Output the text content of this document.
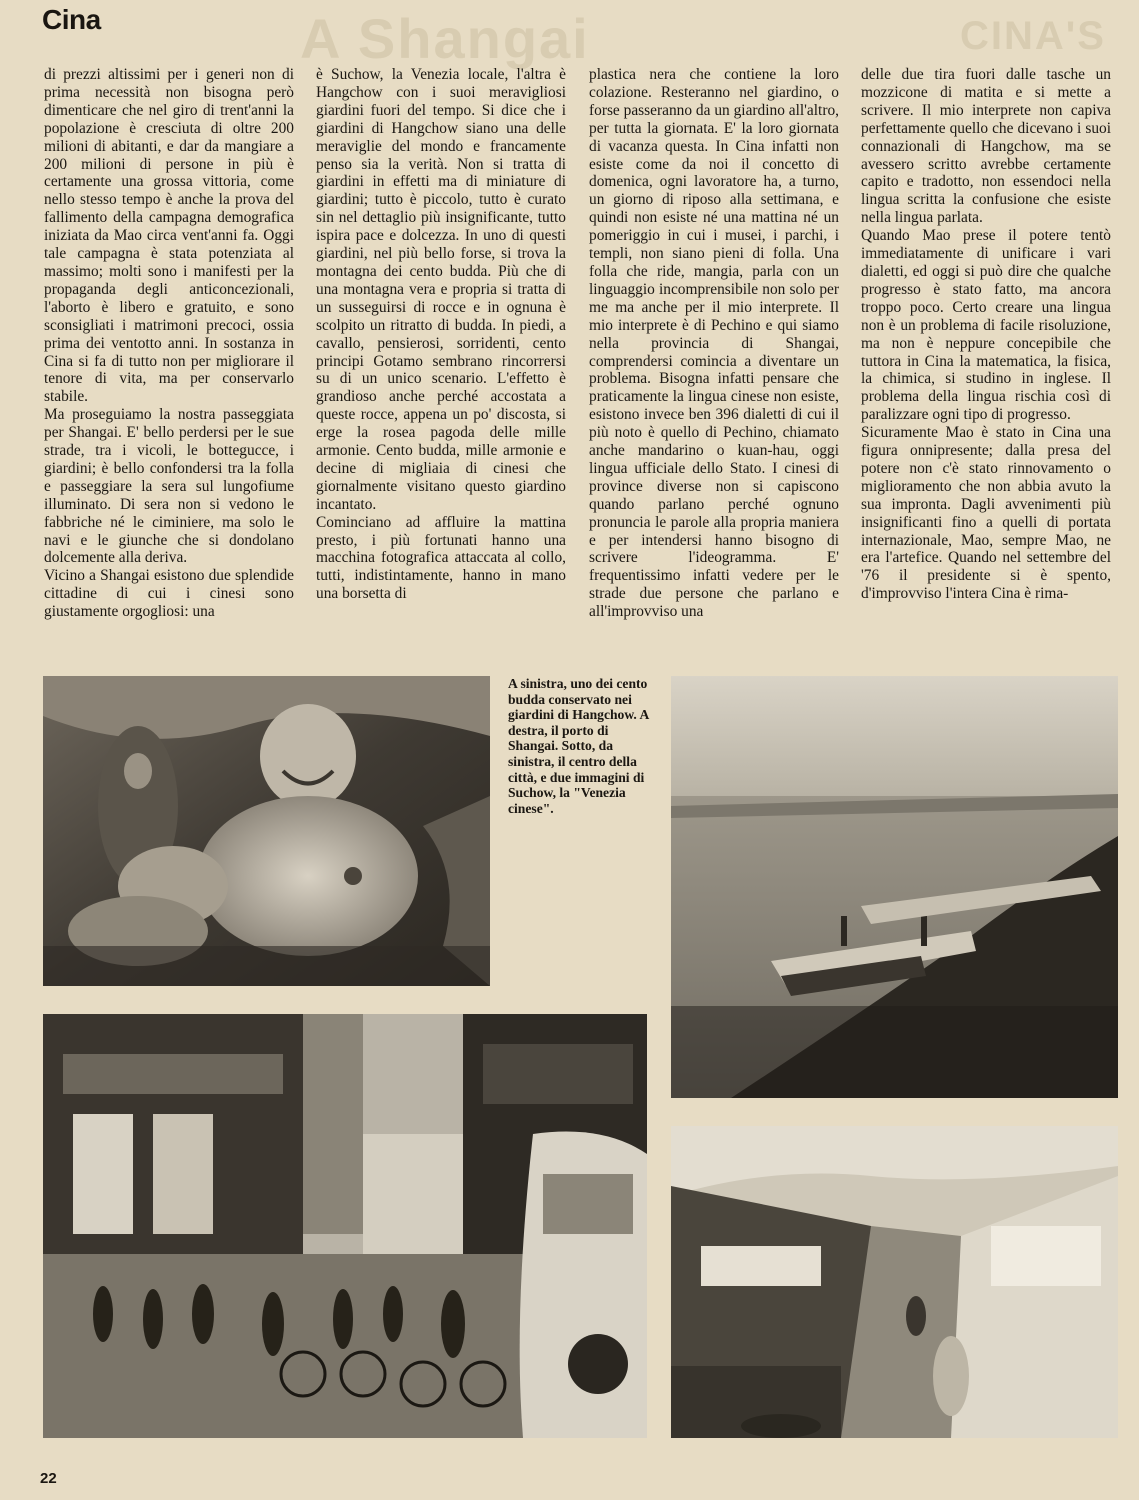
Cina	A Shangai	CINA'S

di prezzi altissimi per i generi non di prima necessità non bisogna però dimenticare che nel giro di trent'anni la popolazione è cresciuta di oltre 200 milioni di abitanti, e dar da mangiare a 200 milioni di persone in più è certamente una grossa vittoria, come nello stesso tempo è anche la prova del fallimento della campagna demografica iniziata da Mao circa vent'anni fa. Oggi tale campagna è stata potenziata al massimo; molti sono i manifesti per la propaganda degli anticoncezionali, l'aborto è libero e gratuito, e sono sconsigliati i matrimoni precoci, ossia prima dei ventotto anni. In sostanza in Cina si fa di tutto non per migliorare il tenore di vita, ma per conservarlo stabile.

Ma proseguiamo la nostra passeggiata per Shangai. E' bello perdersi per le sue strade, tra i vicoli, le bottegucce, i giardini; è bello confondersi tra la folla e passeggiare la sera sul lungofiume illuminato. Di sera non si vedono le fabbriche né le ciminiere, ma solo le navi e le giunche che si dondolano dolcemente alla deriva.

Vicino a Shangai esistono due splendide cittadine di cui i cinesi sono giustamente orgogliosi: una

è Suchow, la Venezia locale, l'altra è Hangchow con i suoi meravigliosi giardini fuori del tempo. Si dice che i giardini di Hangchow siano una delle meraviglie del mondo e francamente penso sia la verità. Non si tratta di giardini in effetti ma di miniature di giardini; tutto è piccolo, tutto è curato sin nel dettaglio più insignificante, tutto ispira pace e dolcezza. In uno di questi giardini, nel più bello forse, si trova la montagna dei cento budda. Più che di una montagna vera e propria si tratta di un susseguirsi di rocce e in ognuna è scolpito un ritratto di budda. In piedi, a cavallo, pensierosi, sorridenti, cento principi Gotamo sembrano rincorrersi su di un unico scenario. L'effetto è grandioso anche perché accostata a queste rocce, appena un po' discosta, si erge la rosea pagoda delle mille armonie. Cento budda, mille armonie e decine di migliaia di cinesi che giornalmente visitano questo giardino incantato.

Cominciano ad affluire la mattina presto, i più fortunati hanno una macchina fotografica attaccata al collo, tutti, indistintamente, hanno in mano una borsetta di

plastica nera che contiene la loro colazione. Resteranno nel giardino, o forse passeranno da un giardino all'altro, per tutta la giornata. E' la loro giornata di vacanza questa. In Cina infatti non esiste come da noi il concetto di domenica, ogni lavoratore ha, a turno, un giorno di riposo alla settimana, e quindi non esiste né una mattina né un pomeriggio in cui i musei, i parchi, i templi, non siano pieni di folla. Una folla che ride, mangia, parla con un linguaggio incomprensibile non solo per me ma anche per il mio interprete. Il mio interprete è di Pechino e qui siamo nella provincia di Shangai, comprendersi comincia a diventare un problema. Bisogna infatti pensare che praticamente la lingua cinese non esiste, esistono invece ben 396 dialetti di cui il più noto è quello di Pechino, chiamato anche mandarino o kuan-hau, oggi lingua ufficiale dello Stato. I cinesi di province diverse non si capiscono quando parlano perché ognuno pronuncia le parole alla propria maniera e per intendersi hanno bisogno di scrivere l'ideogramma. E' frequentissimo infatti vedere per le strade due persone che parlano e all'improvviso una

delle due tira fuori dalle tasche un mozzicone di matita e si mette a scrivere. Il mio interprete non capiva perfettamente quello che dicevano i suoi connazionali di Hangchow, ma se avessero scritto avrebbe certamente capito e tradotto, non essendoci nella lingua scritta la confusione che esiste nella lingua parlata.

Quando Mao prese il potere tentò immediatamente di unificare i vari dialetti, ed oggi si può dire che qualche progresso è stato fatto, ma ancora troppo poco. Certo creare una lingua non è un problema di facile risoluzione, ma non è neppure concepibile che tuttora in Cina la matematica, la fisica, la chimica, si studino in inglese. Il problema della lingua rischia così di paralizzare ogni tipo di progresso.

Sicuramente Mao è stato in Cina una figura onnipresente; dalla presa del potere non c'è stato rinnovamento o miglioramento che non abbia avuto la sua impronta. Dagli avvenimenti più insignificanti fino a quelli di portata internazionale, Mao, sempre Mao, ne era l'artefice. Quando nel settembre del '76 il presidente si è spento, d'improvviso l'intera Cina è rima-

A sinistra, uno dei cento budda conservato nei giardini di Hangchow. A destra, il porto di Shangai. Sotto, da sinistra, il centro della città, e due immagini di Suchow, la "Venezia cinese".
22
